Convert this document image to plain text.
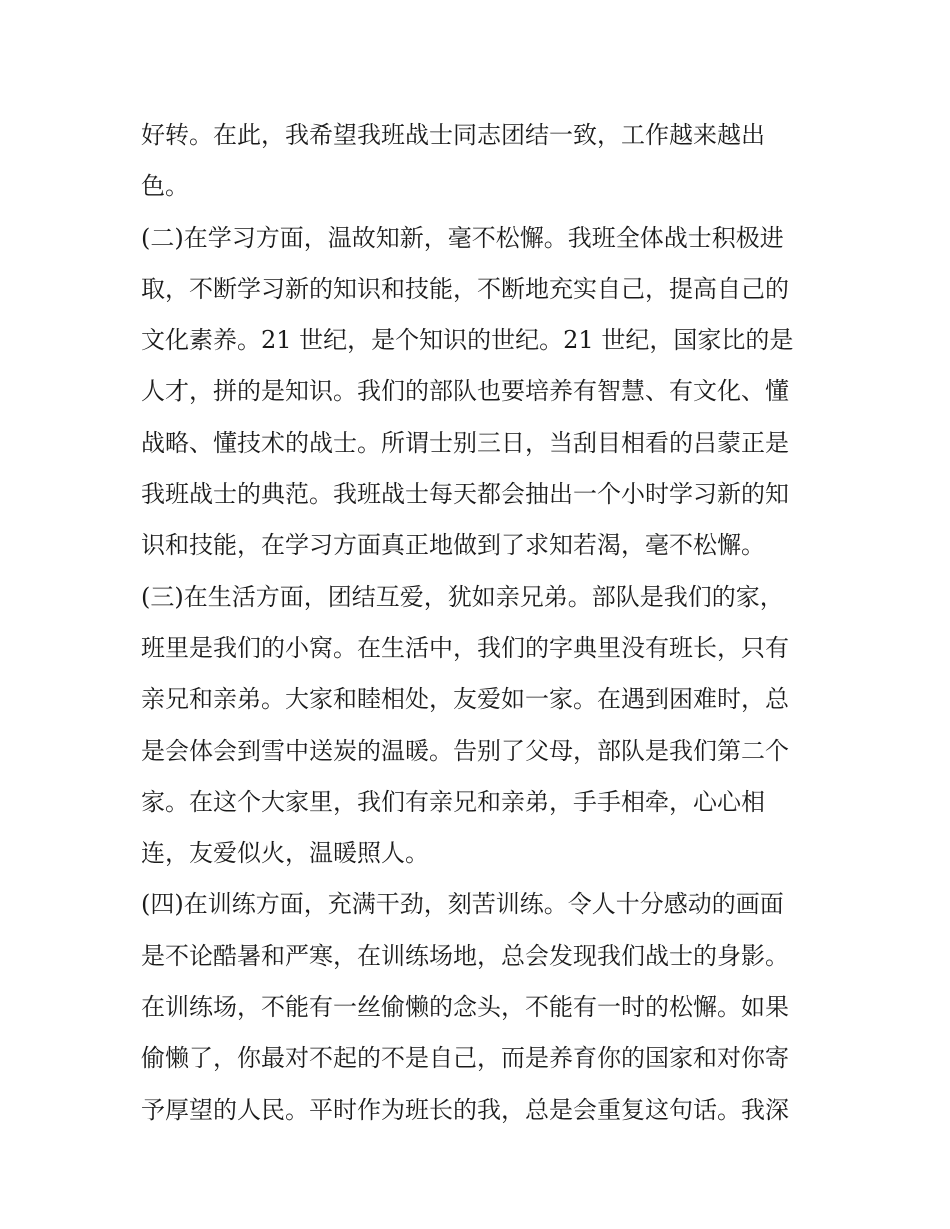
好转。在此，我希望我班战士同志团结一致，工作越来越出
色。
(二)在学习方面，温故知新，毫不松懈。我班全体战士积极进
取，不断学习新的知识和技能，不断地充实自己，提高自己的
文化素养。21 世纪，是个知识的世纪。21 世纪，国家比的是
人才，拼的是知识。我们的部队也要培养有智慧、有文化、懂
战略、懂技术的战士。所谓士别三日，当刮目相看的吕蒙正是
我班战士的典范。我班战士每天都会抽出一个小时学习新的知
识和技能，在学习方面真正地做到了求知若渴，毫不松懈。
(三)在生活方面，团结互爱，犹如亲兄弟。部队是我们的家，
班里是我们的小窝。在生活中，我们的字典里没有班长，只有
亲兄和亲弟。大家和睦相处，友爱如一家。在遇到困难时，总
是会体会到雪中送炭的温暖。告别了父母，部队是我们第二个
家。在这个大家里，我们有亲兄和亲弟，手手相牵，心心相
连，友爱似火，温暖照人。
(四)在训练方面，充满干劲，刻苦训练。令人十分感动的画面
是不论酷暑和严寒，在训练场地，总会发现我们战士的身影。
在训练场，不能有一丝偷懒的念头，不能有一时的松懈。如果
偷懒了，你最对不起的不是自己，而是养育你的国家和对你寄
予厚望的人民。平时作为班长的我，总是会重复这句话。我深
